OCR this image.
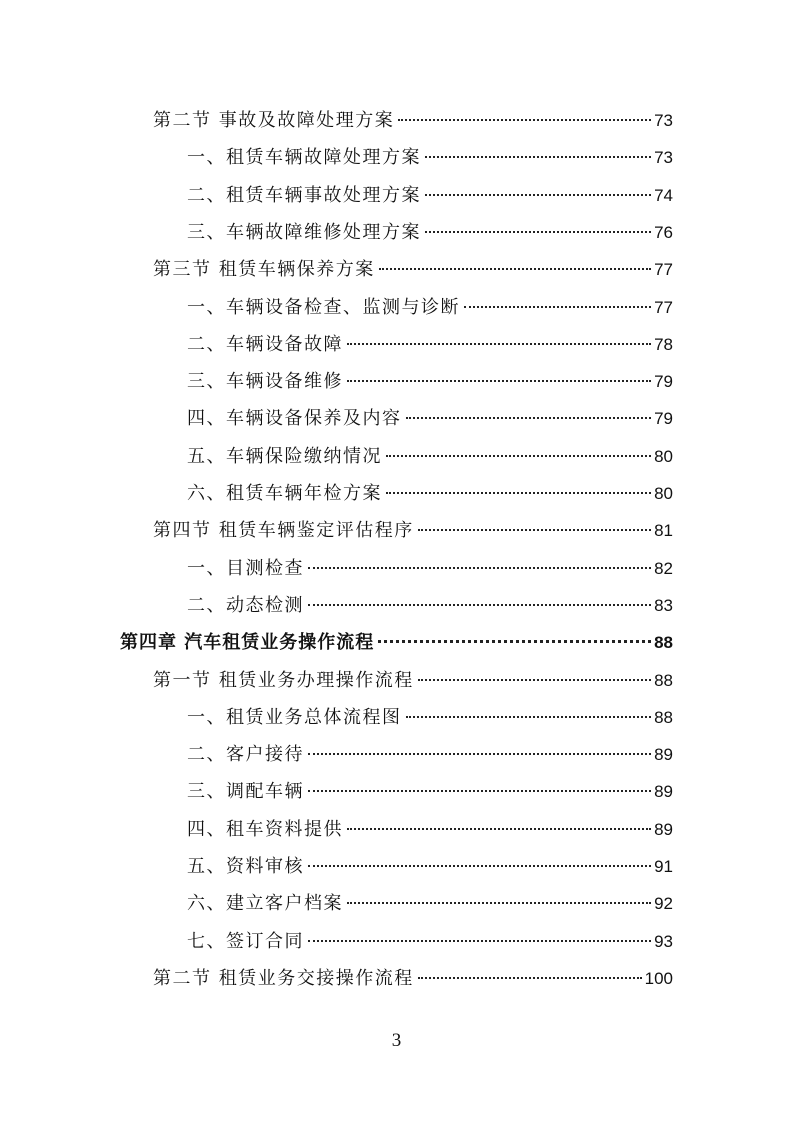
第二节 事故及故障处理方案	73
一、租赁车辆故障处理方案	73
二、租赁车辆事故处理方案	74
三、车辆故障维修处理方案	76
第三节 租赁车辆保养方案	77
一、车辆设备检查、监测与诊断	77
二、车辆设备故障	78
三、车辆设备维修	79
四、车辆设备保养及内容	79
五、车辆保险缴纳情况	80
六、租赁车辆年检方案	80
第四节 租赁车辆鉴定评估程序	81
一、目测检查	82
二、动态检测	83
第四章 汽车租赁业务操作流程	88
第一节 租赁业务办理操作流程	88
一、租赁业务总体流程图	88
二、客户接待	89
三、调配车辆	89
四、租车资料提供	89
五、资料审核	91
六、建立客户档案	92
七、签订合同	93
第二节 租赁业务交接操作流程	100
3
